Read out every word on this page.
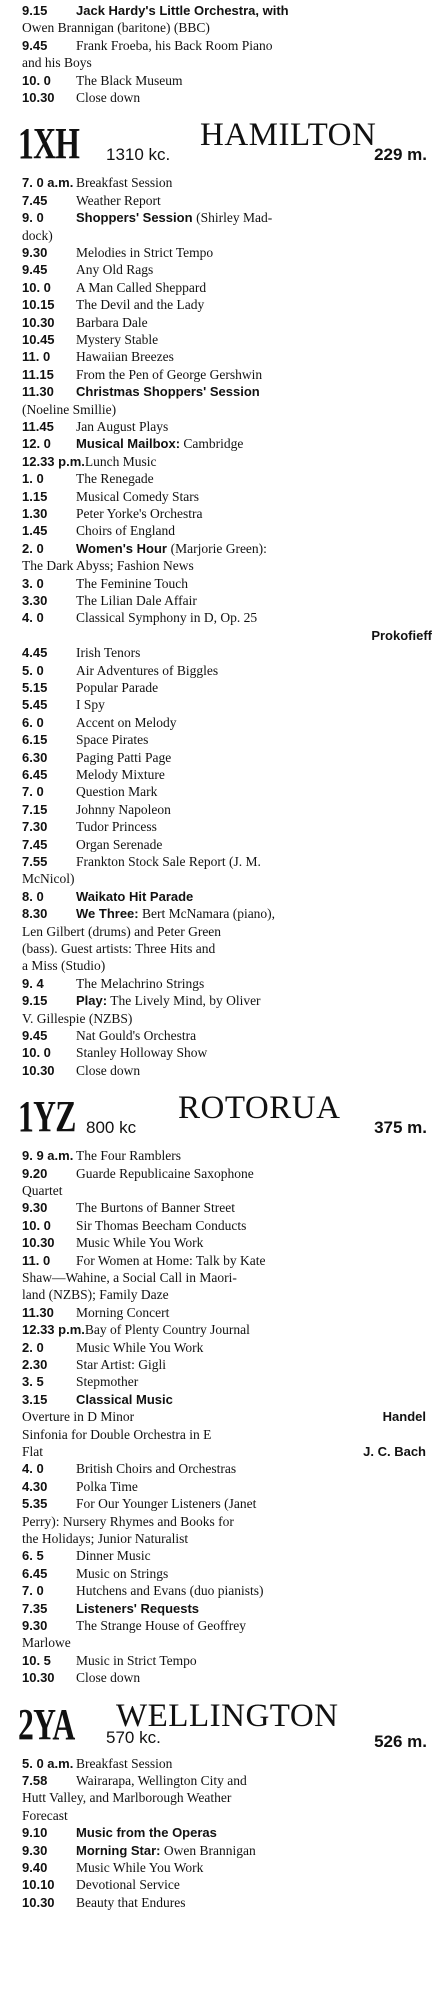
9.15 Jack Hardy's Little Orchestra, with
Owen Brannigan (baritone) (BBC)
9.45 Frank Froeba, his Back Room Piano
and his Boys
10. 0 The Black Museum
10.30 Close down
1XH	HAMILTON
1310 kc.	229 m.
7. 0 a.m. Breakfast Session
7.45 Weather Report
9. 0 Shoppers' Session (Shirley Mad-
dock)
9.30 Melodies in Strict Tempo
9.45 Any Old Rags
10. 0 A Man Called Sheppard
10.15 The Devil and the Lady
10.30 Barbara Dale
10.45 Mystery Stable
11. 0 Hawaiian Breezes
11.15 From the Pen of George Gershwin
11.30 Christmas Shoppers' Session
(Noeline Smillie)
11.45 Jan August Plays
12. 0 Musical Mailbox: Cambridge
12.33 p.m.Lunch Music
1. 0 The Renegade
1.15 Musical Comedy Stars
1.30 Peter Yorke's Orchestra
1.45 Choirs of England
2. 0 Women's Hour (Marjorie Green):
The Dark Abyss; Fashion News
3. 0 The Feminine Touch
3.30 The Lilian Dale Affair
4. 0 Classical Symphony in D, Op. 25
Prokofieff
4.45 Irish Tenors
5. 0 Air Adventures of Biggles
5.15 Popular Parade
5.45 I Spy
6. 0 Accent on Melody
6.15 Space Pirates
6.30 Paging Patti Page
6.45 Melody Mixture
7. 0 Question Mark
7.15 Johnny Napoleon
7.30 Tudor Princess
7.45 Organ Serenade
7.55 Frankton Stock Sale Report (J. M.
McNicol)
8. 0 Waikato Hit Parade
8.30 We Three: Bert McNamara (piano),
Len Gilbert (drums) and Peter Green
(bass). Guest artists: Three Hits and
a Miss (Studio)
9. 4 The Melachrino Strings
9.15 Play: The Lively Mind, by Oliver
V. Gillespie (NZBS)
9.45 Nat Gould's Orchestra
10. 0 Stanley Holloway Show
10.30 Close down
1YZ	ROTORUA
800 kc	375 m.
9. 9 a.m. The Four Ramblers
9.20 Guarde Republicaine Saxophone
Quartet
9.30 The Burtons of Banner Street
10. 0 Sir Thomas Beecham Conducts
10.30 Music While You Work
11. 0 For Women at Home: Talk by Kate
Shaw—Wahine, a Social Call in Maori-
land (NZBS); Family Daze
11.30 Morning Concert
12.33 p.m.Bay of Plenty Country Journal
2. 0 Music While You Work
2.30 Star Artist: Gigli
3. 5 Stepmother
3.15 Classical Music
Overture in D Minor	Handel
Sinfonia for Double Orchestra in E
Flat	J. C. Bach
4. 0 British Choirs and Orchestras
4.30 Polka Time
5.35 For Our Younger Listeners (Janet
Perry): Nursery Rhymes and Books for
the Holidays; Junior Naturalist
6. 5 Dinner Music
6.45 Music on Strings
7. 0 Hutchens and Evans (duo pianists)
7.35 Listeners' Requests
9.30 The Strange House of Geoffrey
Marlowe
10. 5 Music in Strict Tempo
10.30 Close down
2YA WELLINGTON
570 kc.	526 m.
5. 0 a.m. Breakfast Session
7.58 Wairarapa, Wellington City and
Hutt Valley, and Marlborough Weather
Forecast
9.10 Music from the Operas
9.30 Morning Star: Owen Brannigan
9.40 Music While You Work
10.10 Devotional Service
10.30 Beauty that Endures
